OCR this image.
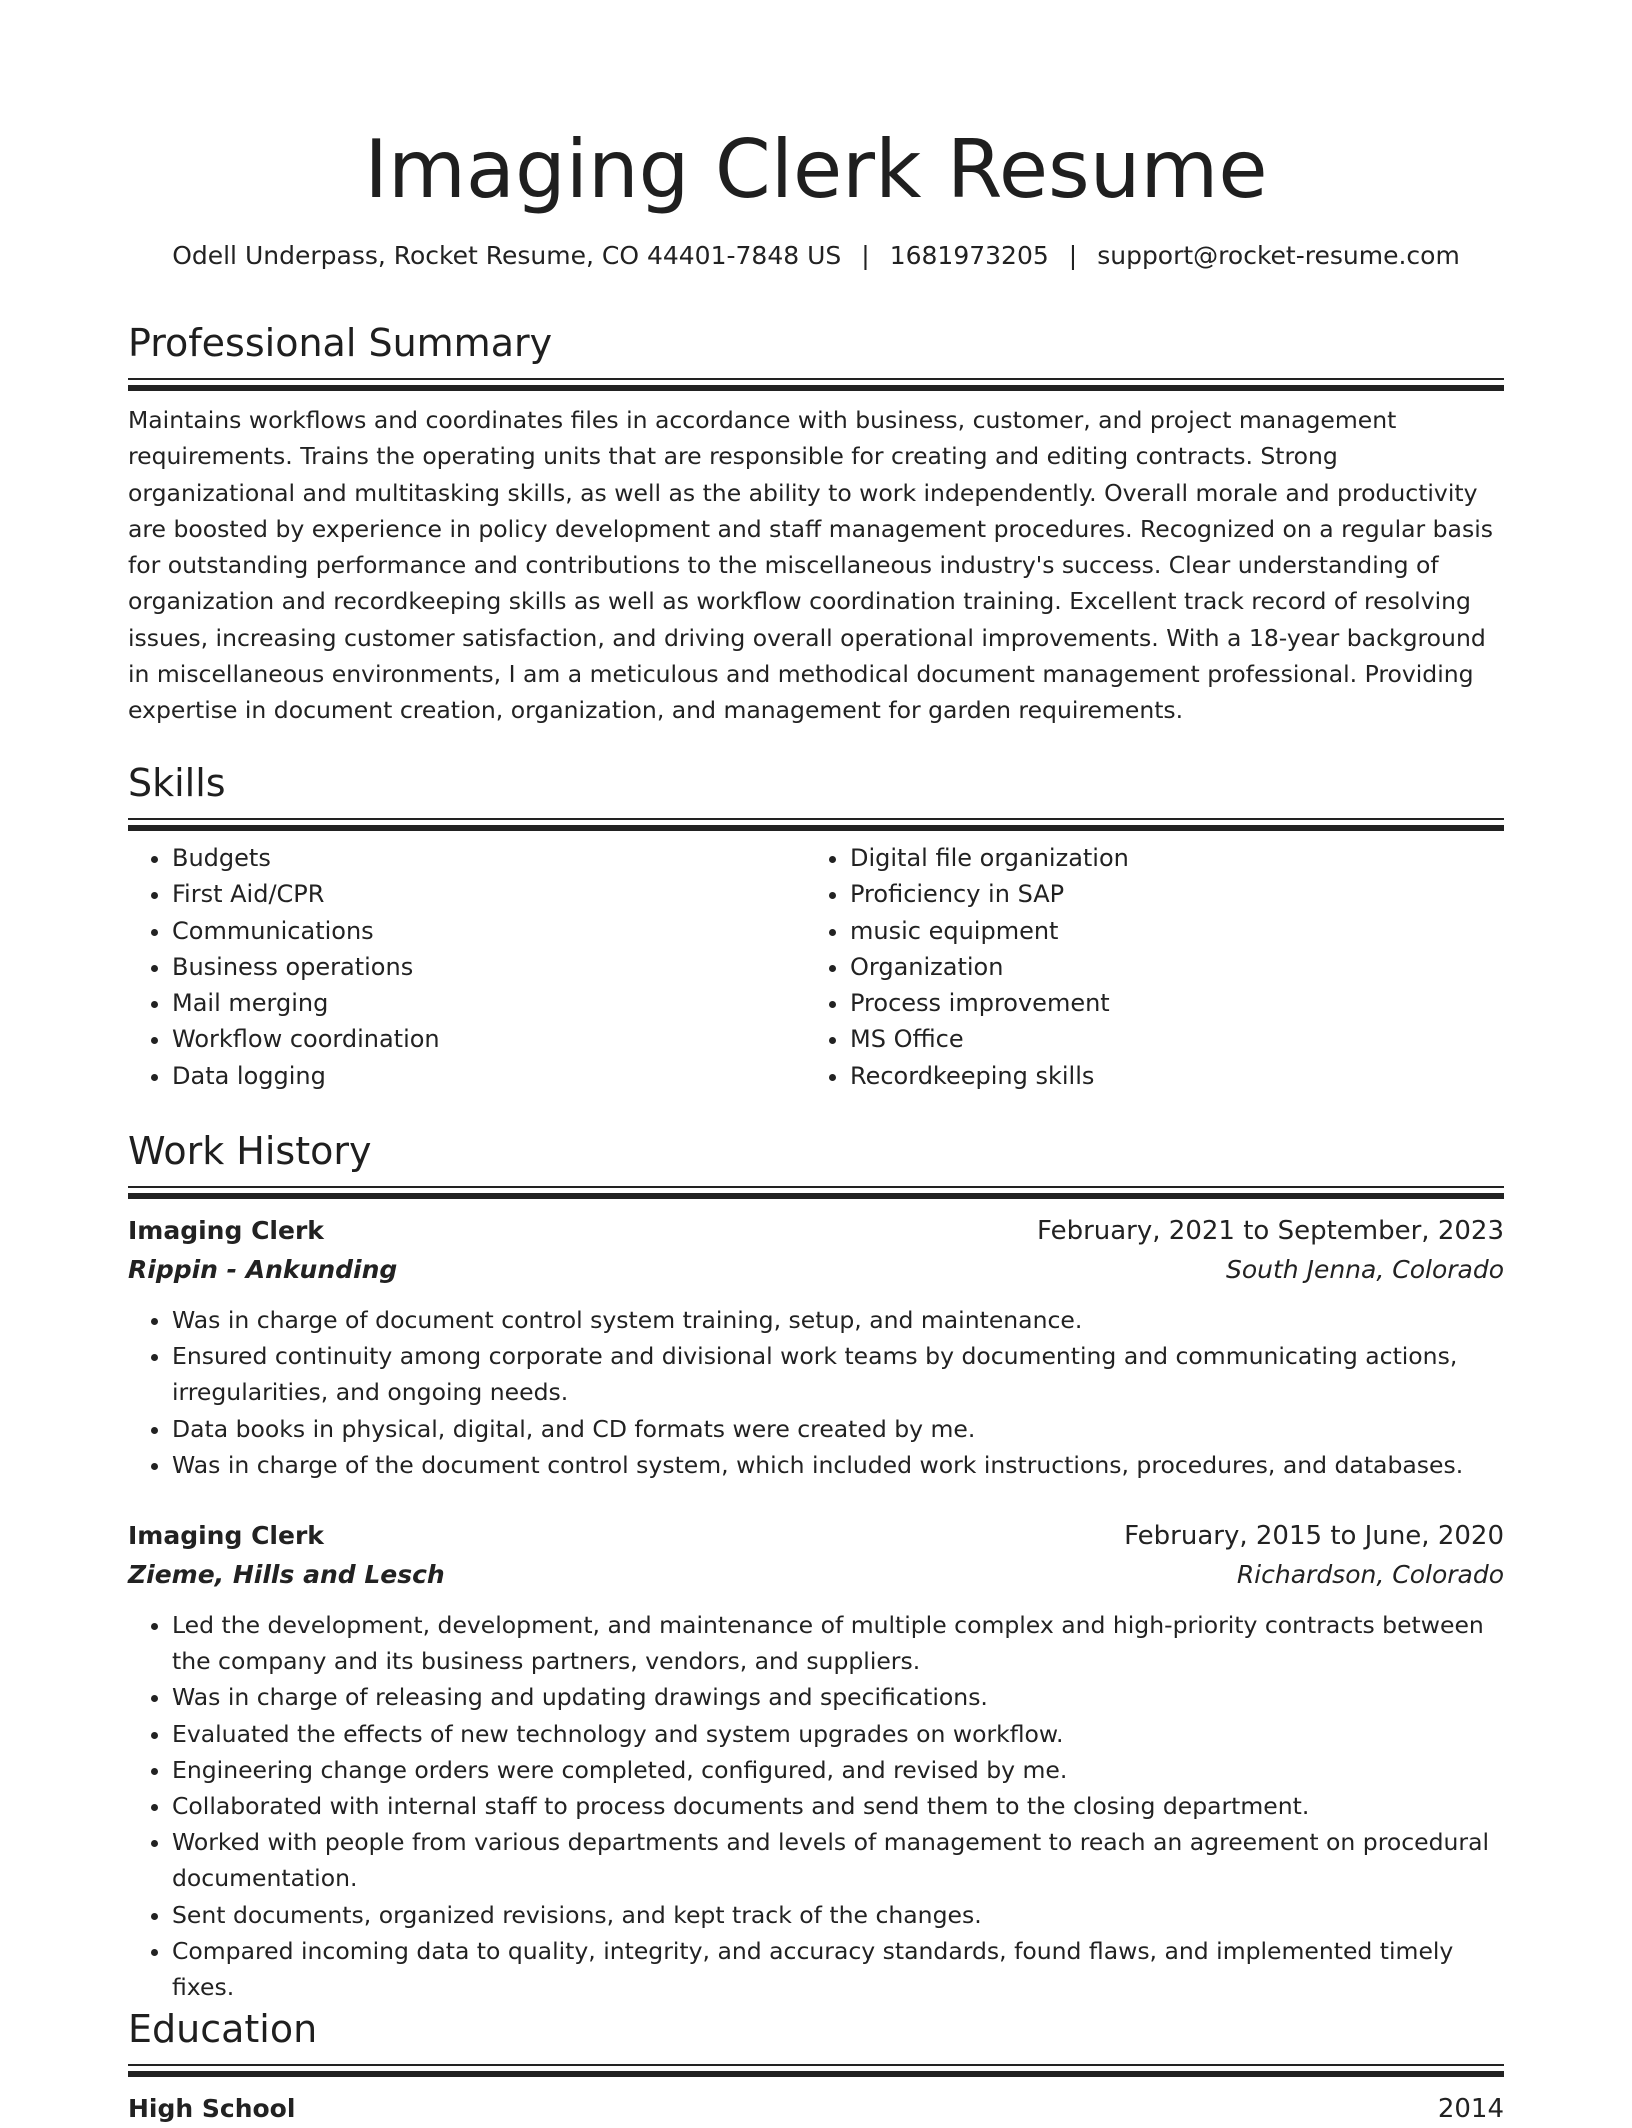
Imaging Clerk Resume
Odell Underpass, Rocket Resume, CO 44401-7848 US | 1681973205 | support@rocket-resume.com
Professional Summary
Maintains workflows and coordinates files in accordance with business, customer, and project management requirements. Trains the operating units that are responsible for creating and editing contracts. Strong organizational and multitasking skills, as well as the ability to work independently. Overall morale and productivity are boosted by experience in policy development and staff management procedures. Recognized on a regular basis for outstanding performance and contributions to the miscellaneous industry's success. Clear understanding of organization and recordkeeping skills as well as workflow coordination training. Excellent track record of resolving issues, increasing customer satisfaction, and driving overall operational improvements. With a 18-year background in miscellaneous environments, I am a meticulous and methodical document management professional. Providing expertise in document creation, organization, and management for garden requirements.
Skills
• Budgets
• First Aid/CPR
• Communications
• Business operations
• Mail merging
• Workflow coordination
• Data logging
• Digital file organization
• Proficiency in SAP
• music equipment
• Organization
• Process improvement
• MS Office
• Recordkeeping skills
Work History
Imaging Clerk	February, 2021 to September, 2023
Rippin - Ankunding	South Jenna, Colorado
• Was in charge of document control system training, setup, and maintenance.
• Ensured continuity among corporate and divisional work teams by documenting and communicating actions, irregularities, and ongoing needs.
• Data books in physical, digital, and CD formats were created by me.
• Was in charge of the document control system, which included work instructions, procedures, and databases.
Imaging Clerk	February, 2015 to June, 2020
Zieme, Hills and Lesch	Richardson, Colorado
• Led the development, development, and maintenance of multiple complex and high-priority contracts between the company and its business partners, vendors, and suppliers.
• Was in charge of releasing and updating drawings and specifications.
• Evaluated the effects of new technology and system upgrades on workflow.
• Engineering change orders were completed, configured, and revised by me.
• Collaborated with internal staff to process documents and send them to the closing department.
• Worked with people from various departments and levels of management to reach an agreement on procedural documentation.
• Sent documents, organized revisions, and kept track of the changes.
• Compared incoming data to quality, integrity, and accuracy standards, found flaws, and implemented timely fixes.
Education
High School	2014
